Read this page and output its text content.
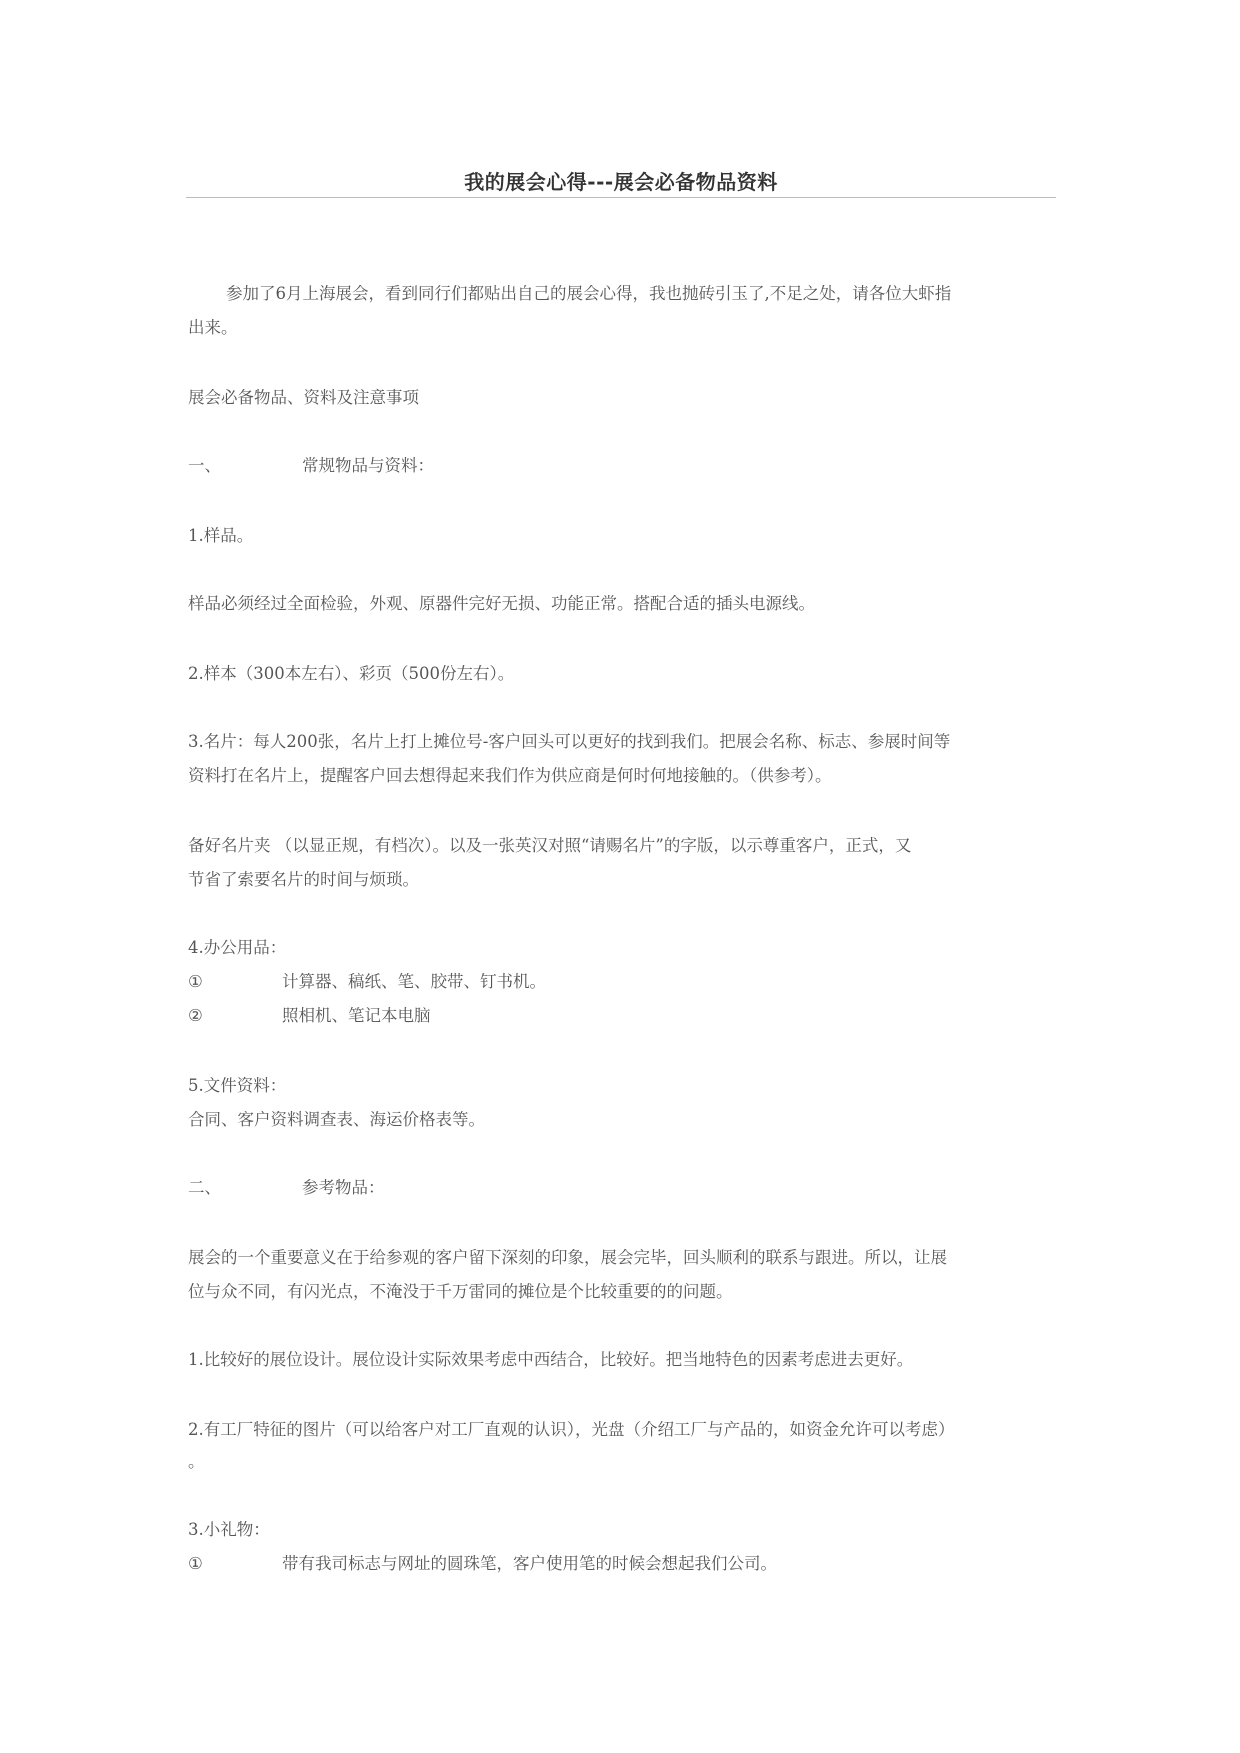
我的展会心得---展会必备物品资料
参加了6月上海展会，看到同行们都贴出自己的展会心得，我也抛砖引玉了,不足之处，请各位大虾指
出来。
展会必备物品、资料及注意事项
一、	常规物品与资料：
1.样品。
样品必须经过全面检验，外观、原器件完好无损、功能正常。搭配合适的插头电源线。
2.样本（300本左右）、彩页（500份左右）。
3.名片：每人200张，名片上打上摊位号-客户回头可以更好的找到我们。把展会名称、标志、参展时间等
资料打在名片上，提醒客户回去想得起来我们作为供应商是何时何地接触的。（供参考）。
备好名片夹 （以显正规，有档次）。以及一张英汉对照“请赐名片”的字版，以示尊重客户，正式，又
节省了索要名片的时间与烦琐。
4.办公用品：
①	计算器、稿纸、笔、胶带、钉书机。
②	照相机、笔记本电脑
5.文件资料：
合同、客户资料调查表、海运价格表等。
二、	参考物品：
展会的一个重要意义在于给参观的客户留下深刻的印象，展会完毕，回头顺利的联系与跟进。所以，让展
位与众不同，有闪光点，不淹没于千万雷同的摊位是个比较重要的的问题。
1.比较好的展位设计。展位设计实际效果考虑中西结合，比较好。把当地特色的因素考虑进去更好。
2.有工厂特征的图片（可以给客户对工厂直观的认识），光盘（介绍工厂与产品的，如资金允许可以考虑）
。
3.小礼物：
①	带有我司标志与网址的圆珠笔，客户使用笔的时候会想起我们公司。
